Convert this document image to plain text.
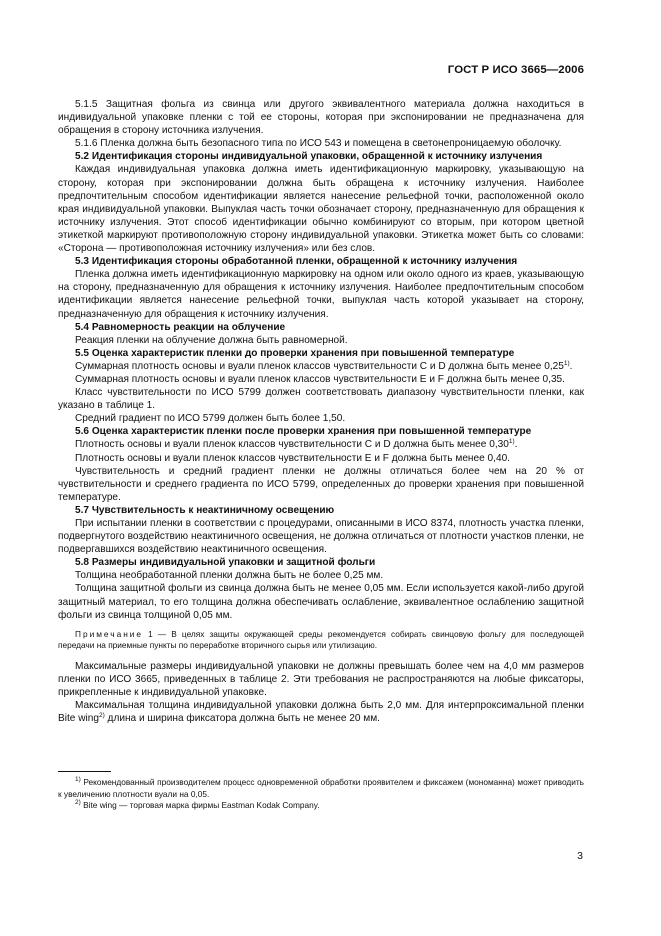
ГОСТ Р ИСО 3665—2006

5.1.5 Защитная фольга из свинца или другого эквивалентного материала должна находиться в индивидуальной упаковке пленки с той ее стороны, которая при экспонировании не предназначена для обращения в сторону источника излучения.

5.1.6 Пленка должна быть безопасного типа по ИСО 543 и помещена в светонепроницаемую оболочку.

5.2 Идентификация стороны индивидуальной упаковки, обращенной к источнику излучения

Каждая индивидуальная упаковка должна иметь идентификационную маркировку, указывающую на сторону, которая при экспонировании должна быть обращена к источнику излучения. Наиболее предпочтительным способом идентификации является нанесение рельефной точки, расположенной около края индивидуальной упаковки. Выпуклая часть точки обозначает сторону, предназначенную для обращения к источнику излучения. Этот способ идентификации обычно комбинируют со вторым, при котором цветной этикеткой маркируют противоположную сторону индивидуальной упаковки. Этикетка может быть со словами: «Сторона — противоположная источнику излучения» или без слов.

5.3 Идентификация стороны обработанной пленки, обращенной к источнику излучения

Пленка должна иметь идентификационную маркировку на одном или около одного из краев, указывающую на сторону, предназначенную для обращения к источнику излучения. Наиболее предпочтительным способом идентификации является нанесение рельефной точки, выпуклая часть которой указывает на сторону, предназначенную для обращения к источнику излучения.

5.4 Равномерность реакции на облучение

Реакция пленки на облучение должна быть равномерной.

5.5 Оценка характеристик пленки до проверки хранения при повышенной температуре

Суммарная плотность основы и вуали пленок классов чувствительности С и D должна быть менее 0,25$^{1)}$.

Суммарная плотность основы и вуали пленок классов чувствительности Е и F должна быть менее 0,35.

Класс чувствительности по ИСО 5799 должен соответствовать диапазону чувствительности пленки, как указано в таблице 1.

Средний градиент по ИСО 5799 должен быть более 1,50.

5.6 Оценка характеристик пленки после проверки хранения при повышенной температуре

Плотность основы и вуали пленок классов чувствительности С и D должна быть менее 0,30$^{1)}$.

Плотность основы и вуали пленок классов чувствительности Е и F должна быть менее 0,40.

Чувствительность и средний градиент пленки не должны отличаться более чем на 20 % от чувствительности и среднего градиента по ИСО 5799, определенных до проверки хранения при повышенной температуре.

5.7 Чувствительность к неактиничному освещению

При испытании пленки в соответствии с процедурами, описанными в ИСО 8374, плотность участка пленки, подвергнутого воздействию неактиничного освещения, не должна отличаться от плотности участков пленки, не подвергавшихся воздействию неактиничного освещения.

5.8 Размеры индивидуальной упаковки и защитной фольги

Толщина необработанной пленки должна быть не более 0,25 мм.

Толщина защитной фольги из свинца должна быть не менее 0,05 мм. Если используется какой-либо другой защитный материал, то его толщина должна обеспечивать ослабление, эквивалентное ослаблению защитной фольги из свинца толщиной 0,05 мм.

Примечание 1 — В целях защиты окружающей среды рекомендуется собирать свинцовую фольгу для последующей передачи на приемные пункты по переработке вторичного сырья или утилизацию.

Максимальные размеры индивидуальной упаковки не должны превышать более чем на 4,0 мм размеров пленки по ИСО 3665, приведенных в таблице 2. Эти требования не распространяются на любые фиксаторы, прикрепленные к индивидуальной упаковке.

Максимальная толщина индивидуальной упаковки должна быть 2,0 мм. Для интерпроксимальной пленки Bite wing$^{2)}$ длина и ширина фиксатора должна быть не менее 20 мм.

$^{1)}$ Рекомендованный производителем процесс одновременной обработки проявителем и фиксажем (мономанна) может приводить к увеличению плотности вуали на 0,05.

$^{2)}$ Bite wing — торговая марка фирмы Eastman Kodak Company.

3
